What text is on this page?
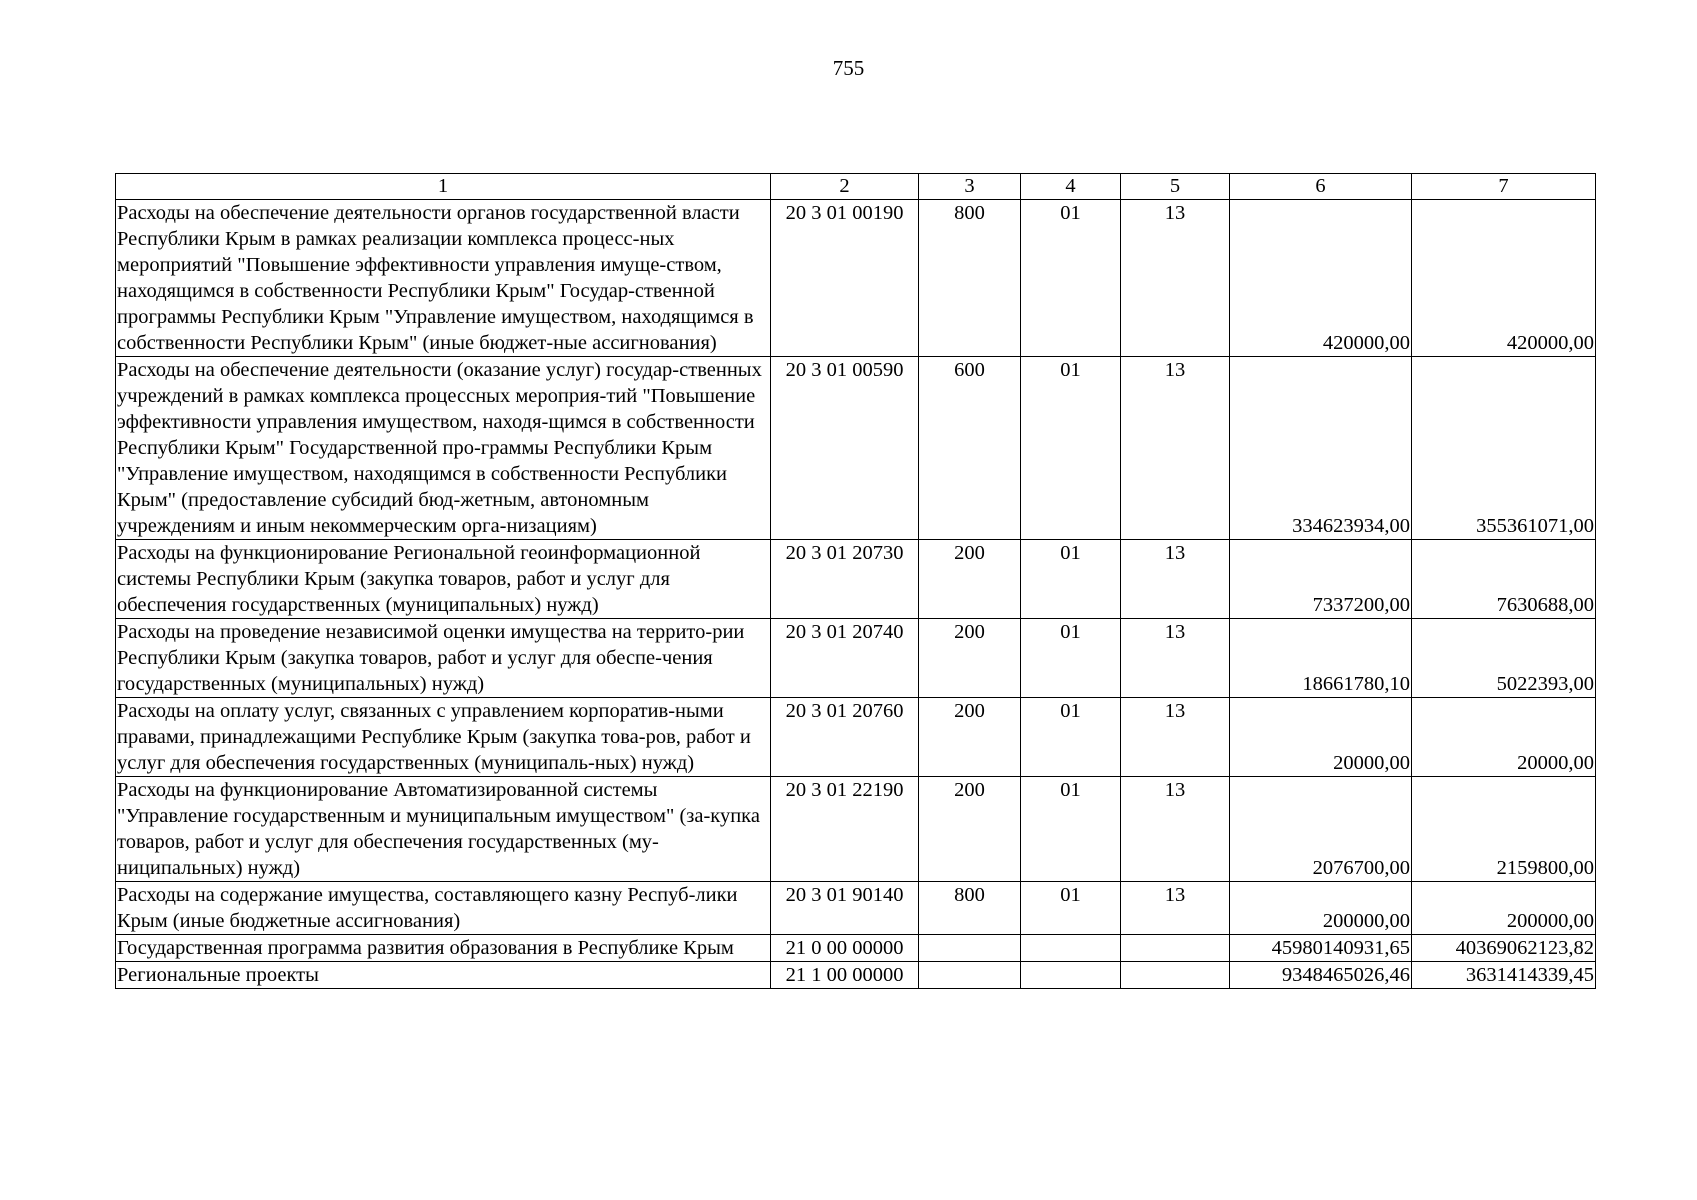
755
1	2	3	4	5	6	7
Расходы на обеспечение деятельности органов государственной власти Республики Крым в рамках реализации комплекса процесс-ных мероприятий "Повышение эффективности управления имуще-ством, находящимся в собственности Республики Крым" Государ-ственной программы Республики Крым "Управление имуществом, находящимся в собственности Республики Крым" (иные бюджет-ные ассигнования)	20 3 01 00190	800	01	13	420000,00	420000,00
Расходы на обеспечение деятельности (оказание услуг) государ-ственных учреждений в рамках комплекса процессных мероприя-тий "Повышение эффективности управления имуществом, находя-щимся в собственности Республики Крым" Государственной про-граммы Республики Крым "Управление имуществом, находящимся в собственности Республики Крым" (предоставление субсидий бюд-жетным, автономным учреждениям и иным некоммерческим орга-низациям)	20 3 01 00590	600	01	13	334623934,00	355361071,00
Расходы на функционирование Региональной геоинформационной системы Республики Крым (закупка товаров, работ и услуг для обеспечения государственных (муниципальных) нужд)	20 3 01 20730	200	01	13	7337200,00	7630688,00
Расходы на проведение независимой оценки имущества на террито-рии Республики Крым (закупка товаров, работ и услуг для обеспе-чения государственных (муниципальных) нужд)	20 3 01 20740	200	01	13	18661780,10	5022393,00
Расходы на оплату услуг, связанных с управлением корпоратив-ными правами, принадлежащими Республике Крым (закупка това-ров, работ и услуг для обеспечения государственных (муниципаль-ных) нужд)	20 3 01 20760	200	01	13	20000,00	20000,00
Расходы на функционирование Автоматизированной системы "Управление государственным и муниципальным имуществом" (за-купка товаров, работ и услуг для обеспечения государственных (му-ниципальных) нужд)	20 3 01 22190	200	01	13	2076700,00	2159800,00
Расходы на содержание имущества, составляющего казну Респуб-лики Крым (иные бюджетные ассигнования)	20 3 01 90140	800	01	13	200000,00	200000,00
Государственная программа развития образования в Республике Крым	21 0 00 00000				45980140931,65	40369062123,82
Региональные проекты	21 1 00 00000				9348465026,46	3631414339,45
